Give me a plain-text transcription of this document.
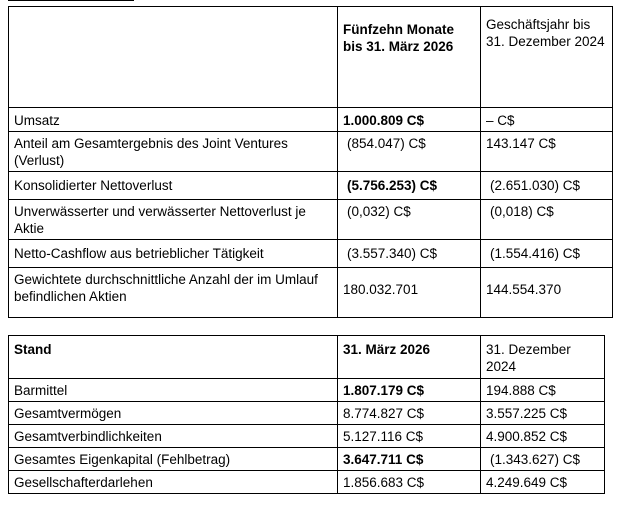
	Fünfzehn Monate bis 31. März 2026	Geschäftsjahr bis 31. Dezember 2024
Umsatz	1.000.809 C$	– C$
Anteil am Gesamtergebnis des Joint Ventures (Verlust)	(854.047) C$	143.147 C$
Konsolidierter Nettoverlust	(5.756.253) C$	(2.651.030) C$
Unverwässerter und verwässerter Nettoverlust je Aktie	(0,032) C$	(0,018) C$
Netto-Cashflow aus betrieblicher Tätigkeit	(3.557.340) C$	(1.554.416) C$
Gewichtete durchschnittliche Anzahl der im Umlauf befindlichen Aktien	180.032.701	144.554.370
Stand	31. März 2026	31. Dezember 2024
Barmittel	1.807.179 C$	194.888 C$
Gesamtvermögen	8.774.827 C$	3.557.225 C$
Gesamtverbindlichkeiten	5.127.116 C$	4.900.852 C$
Gesamtes Eigenkapital (Fehlbetrag)	3.647.711 C$	(1.343.627) C$
Gesellschafterdarlehen	1.856.683 C$	4.249.649 C$
